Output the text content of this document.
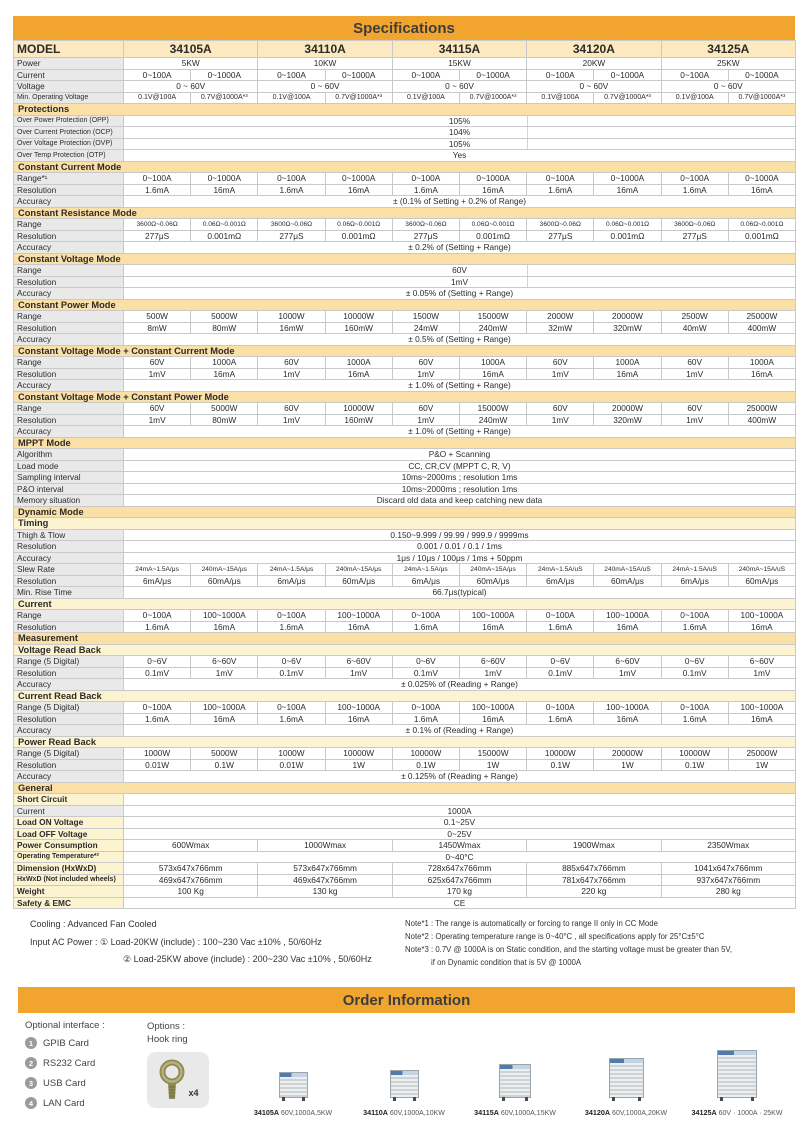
Specifications
MODEL	34105A	34110A	34115A	34120A	34125A
Power	5KW	10KW	15KW	20KW	25KW
Current	0~100A	0~1000A	0~100A	0~1000A	0~100A	0~1000A	0~100A	0~1000A	0~100A	0~1000A
Voltage	0 ~ 60V	0 ~ 60V	0 ~ 60V	0 ~ 60V	0 ~ 60V
Min. Operating Voltage	0.1V@100A	0.7V@1000A*³	0.1V@100A	0.7V@1000A*³	0.1V@100A	0.7V@1000A*³	0.1V@100A	0.7V@1000A*³	0.1V@100A	0.7V@1000A*³
Protections
Over Power Protection (OPP)	105%
Over Current Protection (OCP)	104%
Over Voltage Protection (OVP)	105%
Over Temp Protection (OTP)	Yes
Constant Current Mode
Range*¹	0~100A	0~1000A	0~100A	0~1000A	0~100A	0~1000A	0~100A	0~1000A	0~100A	0~1000A
Resolution	1.6mA	16mA	1.6mA	16mA	1.6mA	16mA	1.6mA	16mA	1.6mA	16mA
Accuracy	± (0.1% of Setting + 0.2% of Range)
Constant Resistance Mode
Range	3600Ω~0.06Ω	0.06Ω~0.001Ω	3600Ω~0.06Ω	0.06Ω~0.001Ω	3600Ω~0.06Ω	0.06Ω~0.001Ω	3600Ω~0.06Ω	0.06Ω~0.001Ω	3600Ω~0.06Ω	0.06Ω~0.001Ω
Resolution	277μS	0.001mΩ	277μS	0.001mΩ	277μS	0.001mΩ	277μS	0.001mΩ	277μS	0.001mΩ
Accuracy	± 0.2% of (Setting + Range)
Constant Voltage Mode
Range	60V
Resolution	1mV
Accuracy	± 0.05% of (Setting + Range)
Constant Power Mode
Range	500W	5000W	1000W	10000W	1500W	15000W	2000W	20000W	2500W	25000W
Resolution	8mW	80mW	16mW	160mW	24mW	240mW	32mW	320mW	40mW	400mW
Accuracy	± 0.5% of (Setting + Range)
Constant Voltage Mode + Constant Current Mode
Range	60V	1000A	60V	1000A	60V	1000A	60V	1000A	60V	1000A
Resolution	1mV	16mA	1mV	16mA	1mV	16mA	1mV	16mA	1mV	16mA
Accuracy	± 1.0% of (Setting + Range)
Constant Voltage Mode + Constant Power Mode
Range	60V	5000W	60V	10000W	60V	15000W	60V	20000W	60V	25000W
Resolution	1mV	80mW	1mV	160mW	1mV	240mW	1mV	320mW	1mV	400mW
Accuracy	± 1.0% of (Setting + Range)
MPPT Mode
Algorithm	P&O + Scanning
Load mode	CC, CR,CV (MPPT C, R, V)
Sampling interval	10ms~2000ms ; resolution 1ms
P&O interval	10ms~2000ms ; resolution 1ms
Memory situation	Discard old data and keep catching new data
Dynamic Mode
Timing
Thigh & Tlow	0.150~9.999 / 99.99 / 999.9 / 9999ms
Resolution	0.001 / 0.01 / 0.1 / 1ms
Accuracy	1μs / 10μs / 100μs / 1ms + 50ppm
Slew Rate	24mA~1.5A/μs	240mA~15A/μs	24mA~1.5A/μs	240mA~15A/μs	24mA~1.5A/μs	240mA~15A/μs	24mA~1.5A/uS	240mA~15A/uS	24mA~1.5A/uS	240mA~15A/uS
Resolution	6mA/μs	60mA/μs	6mA/μs	60mA/μs	6mA/μs	60mA/μs	6mA/μs	60mA/μs	6mA/μs	60mA/μs
Min. Rise Time	66.7μs(typical)
Current
Range	0~100A	100~1000A	0~100A	100~1000A	0~100A	100~1000A	0~100A	100~1000A	0~100A	100~1000A
Resolution	1.6mA	16mA	1.6mA	16mA	1.6mA	16mA	1.6mA	16mA	1.6mA	16mA
Measurement
Voltage Read Back
Range (5 Digital)	0~6V	6~60V	0~6V	6~60V	0~6V	6~60V	0~6V	6~60V	0~6V	6~60V
Resolution	0.1mV	1mV	0.1mV	1mV	0.1mV	1mV	0.1mV	1mV	0.1mV	1mV
Accuracy	± 0.025% of (Reading + Range)
Current Read Back
Range (5 Digital)	0~100A	100~1000A	0~100A	100~1000A	0~100A	100~1000A	0~100A	100~1000A	0~100A	100~1000A
Resolution	1.6mA	16mA	1.6mA	16mA	1.6mA	16mA	1.6mA	16mA	1.6mA	16mA
Accuracy	± 0.1% of (Reading + Range)
Power Read Back
Range (5 Digital)	1000W	5000W	1000W	10000W	10000W	15000W	10000W	20000W	10000W	25000W
Resolution	0.01W	0.1W	0.01W	1W	0.1W	1W	0.1W	1W	0.1W	1W
Accuracy	± 0.125% of (Reading + Range)
General
Short Circuit
Current	1000A
Load ON Voltage	0.1~25V
Load OFF Voltage	0~25V
Power Consumption	600Wmax	1000Wmax	1450Wmax	1900Wmax	2350Wmax
Operating Temperature*²	0~40°C
Dimension (HxWxD)	573x647x766mm	573x647x766mm	728x647x766mm	885x647x766mm	1041x647x766mm
HxWxD (Not included wheels)	469x647x766mm	469x647x766mm	625x647x766mm	781x647x766mm	937x647x766mm
Weight	100 Kg	130 kg	170 kg	220 kg	280 kg
Safety & EMC	CE
Cooling : Advanced Fan Cooled
Input AC Power : ① Load-20KW (include) : 100~230 Vac ±10% , 50/60Hz
② Load-25KW above (include) : 200~230 Vac ±10% , 50/60Hz
Note*1 : The range is automatically or forcing to range II only in CC Mode
Note*2 : Operating temperature range is 0~40°C , all specifications apply for 25°C±5°C
Note*3 : 0.7V @ 1000A is on Static condition, and the starting voltage must be greater than 5V,
if on Dynamic condition that is 5V @ 1000A
Order Information
Optional interface :
1	GPIB Card
2	RS232 Card
3	USB Card
4	LAN Card
Options :
Hook ring
x4
34105A 60V,1000A,5KW	34110A 60V,1000A,10KW	34115A 60V,1000A,15KW	34120A 60V,1000A,20KW	34125A 60V · 1000A · 25KW
